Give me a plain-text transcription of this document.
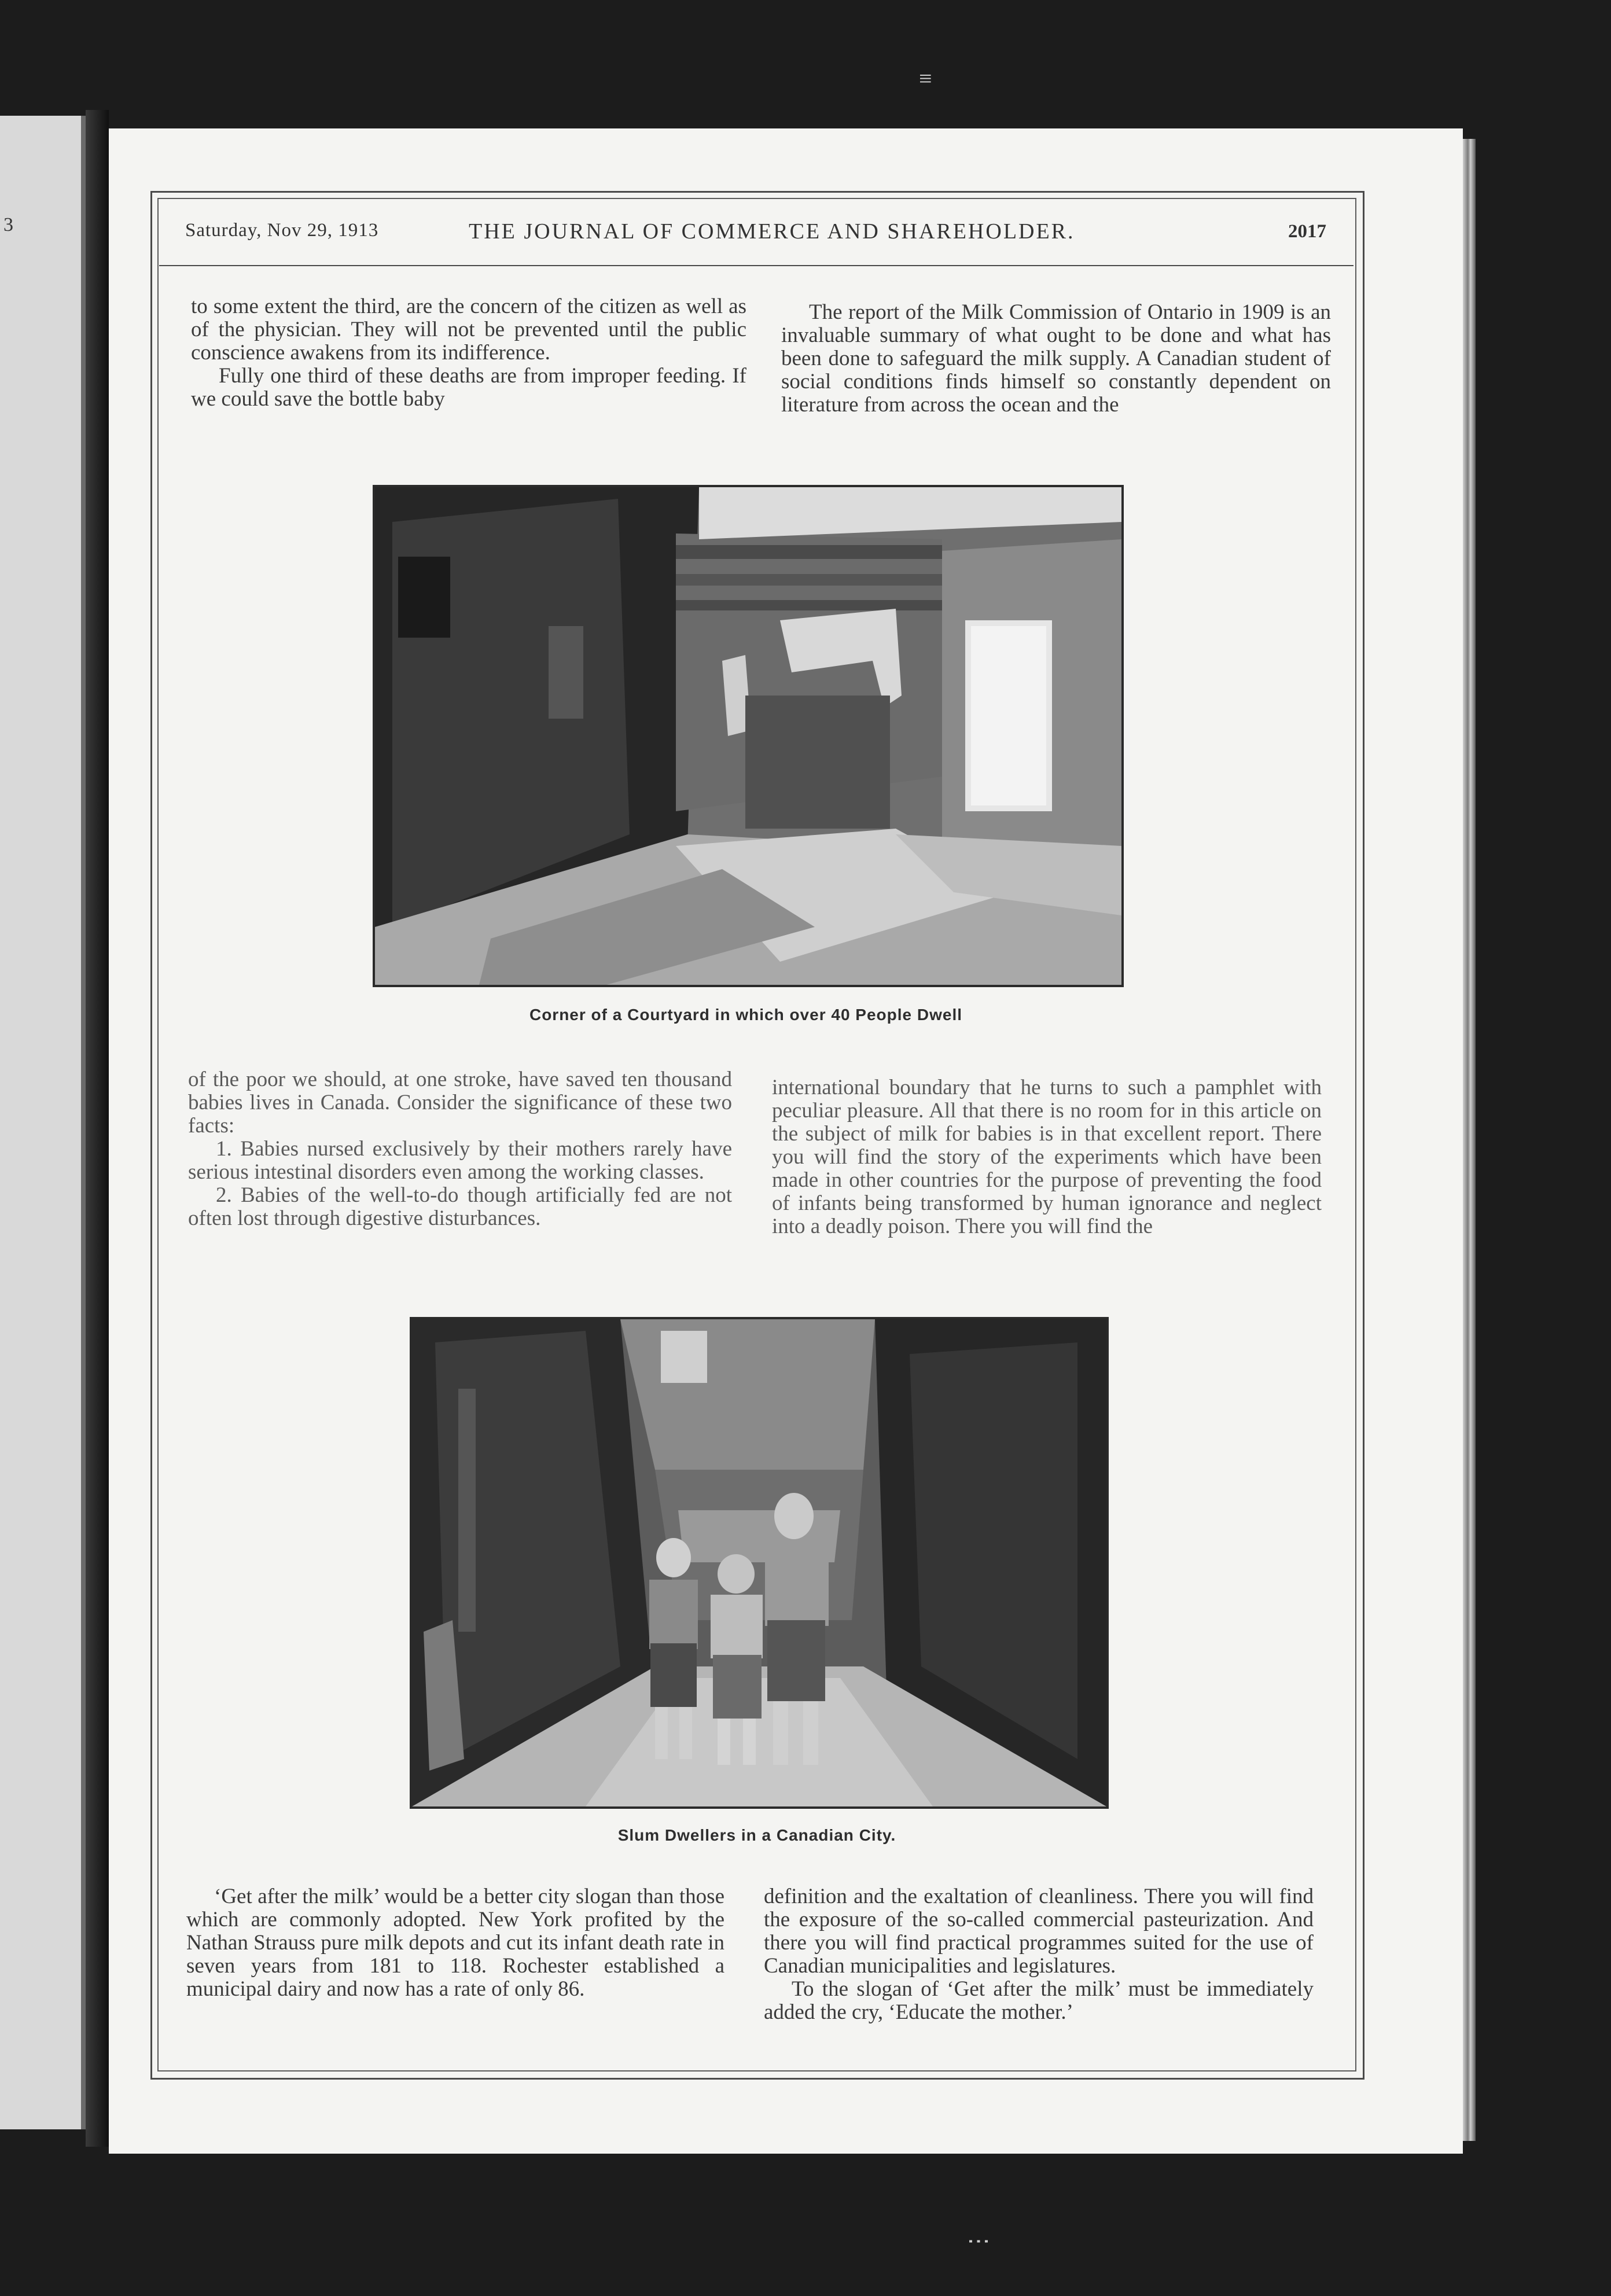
3
≡
⋮
Saturday, Nov 29, 1913	THE JOURNAL OF COMMERCE AND SHAREHOLDER.	2017

to some extent the third, are the concern of the citizen as well as of the physician. They will not be prevented until the public conscience awakens from its indifference.

Fully one third of these deaths are from improper feeding. If we could save the bottle baby

The report of the Milk Commission of Ontario in 1909 is an invaluable summary of what ought to be done and what has been done to safeguard the milk supply. A Canadian student of social conditions finds himself so constantly dependent on literature from across the ocean and the

Corner of a Courtyard in which over 40 People Dwell

of the poor we should, at one stroke, have saved ten thousand babies lives in Canada. Consider the significance of these two facts:

1. Babies nursed exclusively by their mothers rarely have serious intestinal disorders even among the working classes.

2. Babies of the well-to-do though artificially fed are not often lost through digestive disturbances.

international boundary that he turns to such a pamphlet with peculiar pleasure. All that there is no room for in this article on the subject of milk for babies is in that excellent report. There you will find the story of the experiments which have been made in other countries for the purpose of preventing the food of infants being transformed by human ignorance and neglect into a deadly poison. There you will find the

Slum Dwellers in a Canadian City.

‘Get after the milk’ would be a better city slogan than those which are commonly adopted. New York profited by the Nathan Strauss pure milk depots and cut its infant death rate in seven years from 181 to 118. Rochester established a municipal dairy and now has a rate of only 86.

definition and the exaltation of cleanliness. There you will find the exposure of the so-called commercial pasteurization. And there you will find practical programmes suited for the use of Canadian municipalities and legislatures.

To the slogan of ‘Get after the milk’ must be immediately added the cry, ‘Educate the mother.’
